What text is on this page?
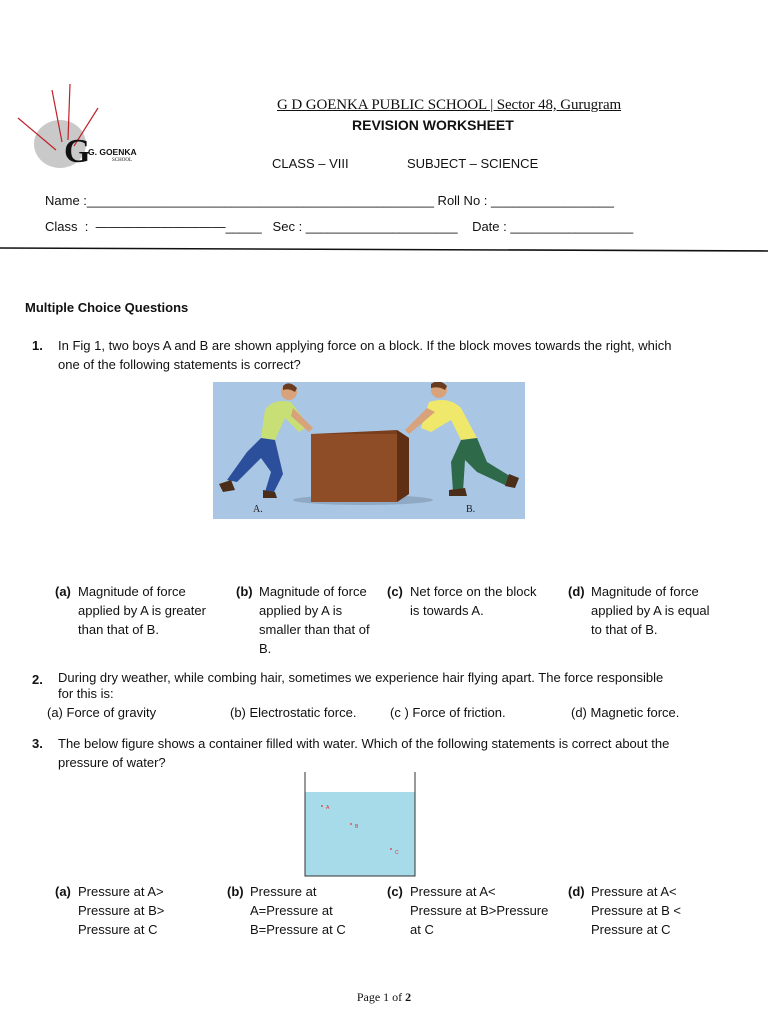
G
G. GOENKA
SCHOOL
G D GOENKA PUBLIC SCHOOL | Sector 48, Gurugram
REVISION WORKSHEET
CLASS – VIII	SUBJECT – SCIENCE
Name :________________________________________________ Roll No : _________________
Class  :  ——————————_____   Sec : _____________________    Date : _________________
Multiple Choice Questions
1. In Fig 1, two boys A and B are shown applying force on a block. If the block moves towards the right, which
one of the following statements is correct?
A.	B.
(a) Magnitude of force
applied by A is greater
than that of B.
(b) Magnitude of force
applied by A is
smaller than that of
B.
(c) Net force on the block
is towards A.
(d) Magnitude of force
applied by A is equal
to that of B.
2. During dry weather, while combing hair, sometimes we experience hair flying apart. The force responsible
for this is:
(a) Force of gravity	(b) Electrostatic force.	(c ) Force of friction.	(d) Magnetic force.
3. The below figure shows a container filled with water. Which of the following statements is correct about the
pressure of water?
A
B
C
(a) Pressure at A>
Pressure at B>
Pressure at C
(b) Pressure at
A=Pressure at
B=Pressure at C
(c) Pressure at A<
Pressure at B>Pressure
at C
(d) Pressure at A<
Pressure at B <
Pressure at C
Page 1 of 2
